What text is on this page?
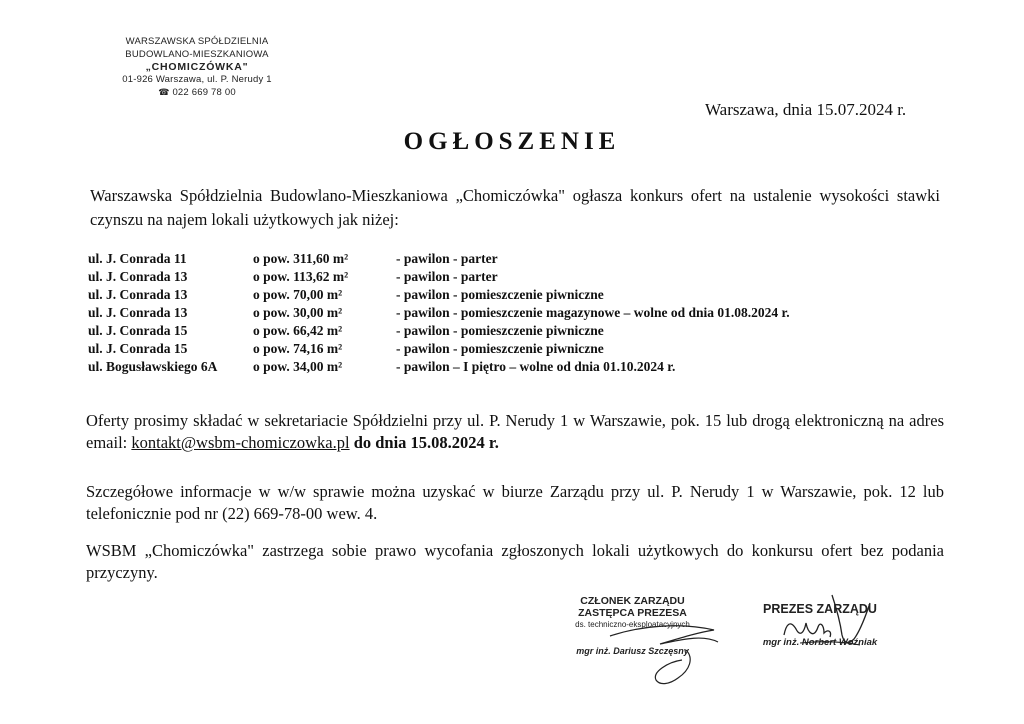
WARSZAWSKA SPÓŁDZIELNIA
BUDOWLANO-MIESZKANIOWA
„CHOMICZÓWKA"
01-926 Warszawa, ul. P. Nerudy 1
☎ 022 669 78 00
Warszawa, dnia 15.07.2024 r.
OGŁOSZENIE
Warszawska Spółdzielnia Budowlano-Mieszkaniowa „Chomiczówka" ogłasza konkurs ofert na ustalenie wysokości stawki czynszu na najem lokali użytkowych jak niżej:
ul. J. Conrada 11	o pow. 311,60 m²	- pawilon - parter
ul. J. Conrada 13	o pow. 113,62 m²	- pawilon - parter
ul. J. Conrada 13	o pow. 70,00 m²	- pawilon - pomieszczenie piwniczne
ul. J. Conrada 13	o pow. 30,00 m²	- pawilon - pomieszczenie magazynowe – wolne od dnia 01.08.2024 r.
ul. J. Conrada 15	o pow. 66,42 m²	- pawilon - pomieszczenie piwniczne
ul. J. Conrada 15	o pow. 74,16 m²	- pawilon - pomieszczenie piwniczne
ul. Bogusławskiego 6A	o pow. 34,00 m²	- pawilon – I piętro – wolne od dnia 01.10.2024 r.
Oferty prosimy składać w sekretariacie Spółdzielni przy ul. P. Nerudy 1 w Warszawie, pok. 15 lub drogą elektroniczną na adres email: kontakt@wsbm-chomiczowka.pl do dnia 15.08.2024 r.
Szczegółowe informacje w w/w sprawie można uzyskać w biurze Zarządu przy ul. P. Nerudy 1 w Warszawie, pok. 12 lub telefonicznie pod nr (22) 669-78-00 wew. 4.
WSBM „Chomiczówka" zastrzega sobie prawo wycofania zgłoszonych lokali użytkowych do konkursu ofert bez podania przyczyny.
CZŁONEK ZARZĄDU
ZASTĘPCA PREZESA
ds. techniczno-eksploatacyjnych
mgr inż. Dariusz Szczęsny
PREZES ZARZĄDU
mgr inż. Norbert Woźniak
